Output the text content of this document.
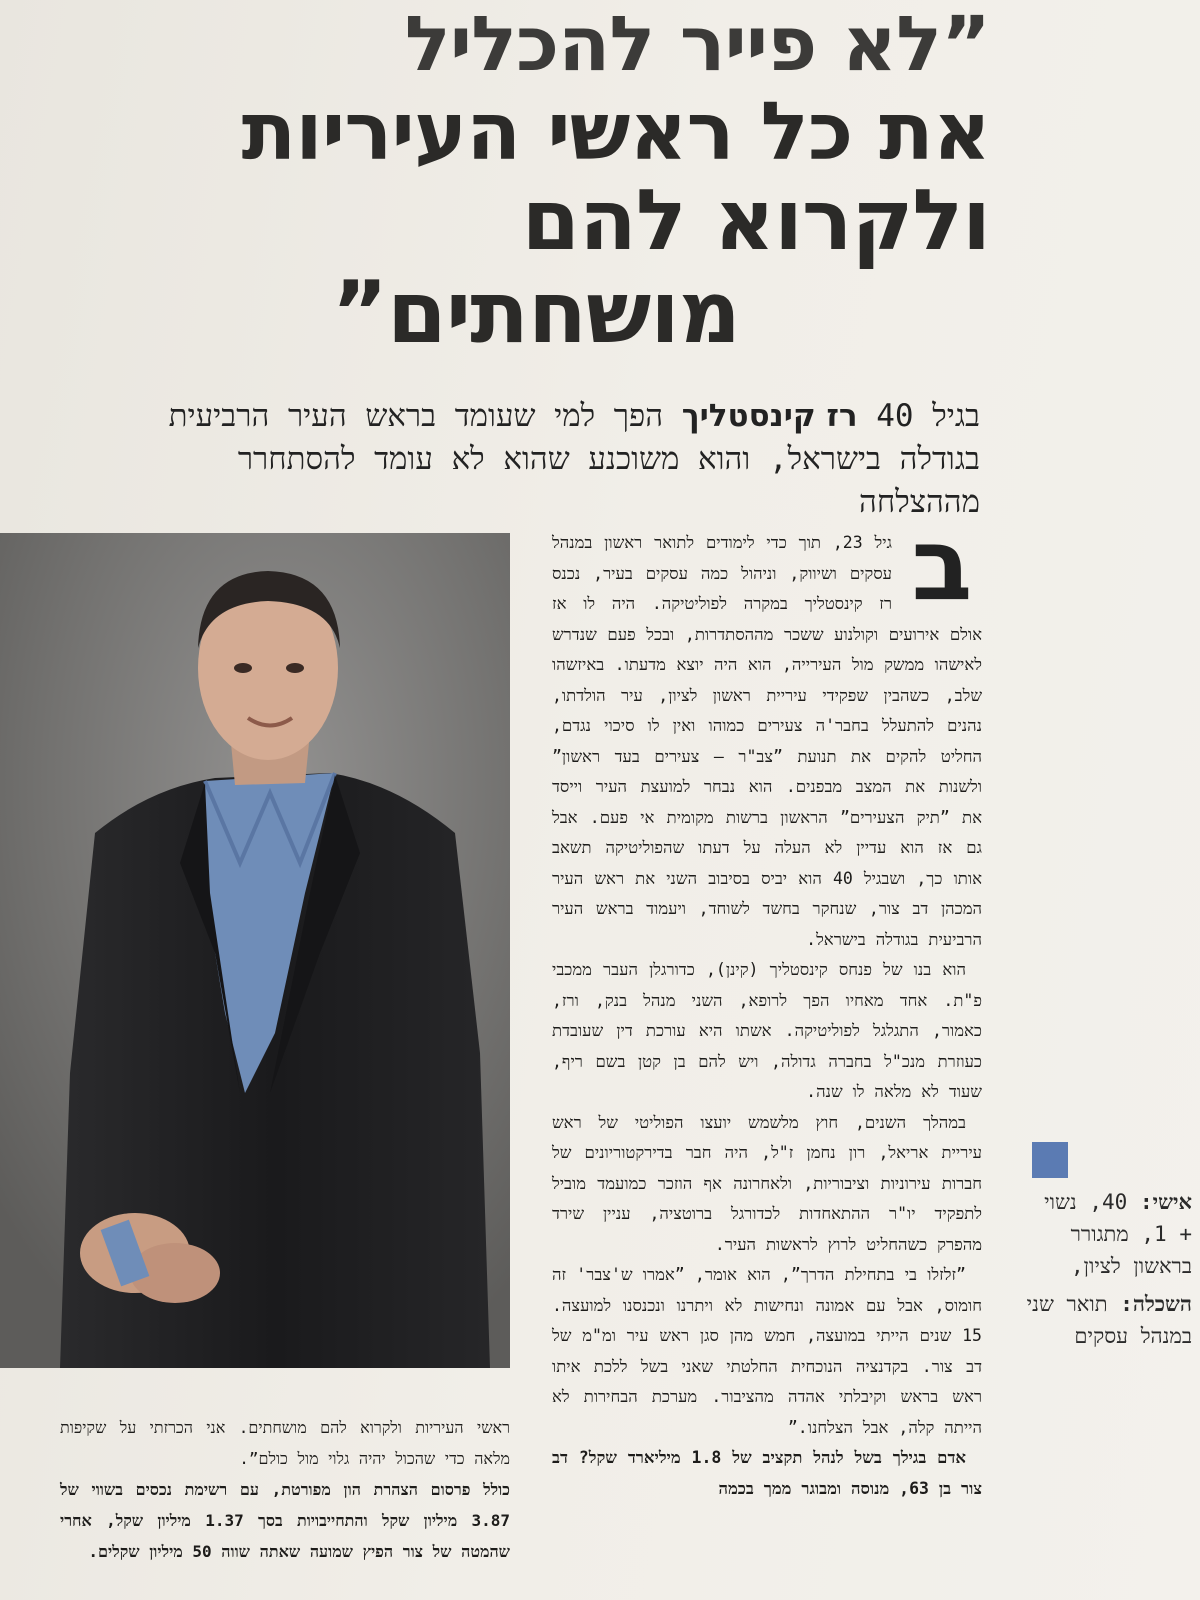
”לא פייר להכליל
את כל ראשי העיריות
ולקרוא להם
מושחתים”
בגיל 40 רז קינסטליך הפך למי שעומד בראש העיר הרביעית בגודלה בישראל, והוא משוכנע שהוא לא עומד להסתחרר מההצלחה
ב

גיל 23, תוך כדי לימודים לתואר ראשון במנהל עסקים ושיווק, וניהול כמה עסקים בעיר, נכנס רז קינסטליך במקרה לפוליטיקה. היה לו אז אולם אירועים וקולנוע ששכר מההסתדרות, ובכל פעם שנדרש לאישהו ממשק מול העירייה, הוא היה יוצא מדעתו. באיזשהו שלב, כשהבין שפקידי עיריית ראשון לציון, עיר הולדתו, נהנים להתעלל בחבר'ה צעירים כמוהו ואין לו סיכוי נגדם, החליט להקים את תנועת ”צב"ר – צעירים בעד ראשון” ולשנות את המצב מבפנים. הוא נבחר למועצת העיר וייסד את ”תיק הצעירים” הראשון ברשות מקומית אי פעם. אבל גם אז הוא עדיין לא העלה על דעתו שהפוליטיקה תשאב אותו כך, ושבגיל 40 הוא יביס בסיבוב השני את ראש העיר המכהן דב צור, שנחקר בחשד לשוחד, ויעמוד בראש העיר הרביעית בגודלה בישראל.

הוא בנו של פנחס קינסטליך (קינן), כדורגלן העבר ממכבי פ"ת. אחד מאחיו הפך לרופא, השני מנהל בנק, ורז, כאמור, התגלגל לפוליטיקה. אשתו היא עורכת דין שעובדת כעוזרת מנכ"ל בחברה גדולה, ויש להם בן קטן בשם ריף, שעוד לא מלאה לו שנה.

במהלך השנים, חוץ מלשמש יועצו הפוליטי של ראש עיריית אריאל, רון נחמן ז"ל, היה חבר בדירקטוריונים של חברות עירוניות וציבוריות, ולאחרונה אף הוזכר כמועמד מוביל לתפקיד יו"ר ההתאחדות לכדורגל ברוטציה, עניין שירד מהפרק כשהחליט לרוץ לראשות העיר.

”זלזלו בי בתחילת הדרך”, הוא אומר, ”אמרו ש'צבר' זה חומוס, אבל עם אמונה ונחישות לא ויתרנו ונכנסנו למועצה. 15 שנים הייתי במועצה, חמש מהן סגן ראש עיר ומ"מ של דב צור. בקדנציה הנוכחית החלטתי שאני בשל ללכת איתו ראש בראש וקיבלתי אהדה מהציבור. מערכת הבחירות לא הייתה קלה, אבל הצלחנו.”

אדם בגילך בשל לנהל תקציב של 1.8 מיליארד שקל? דב צור בן 63, מנוסה ומבוגר ממך בכמה

ראשי העיריות ולקרוא להם מושחתים. אני הכרזתי על שקיפות מלאה כדי שהכול יהיה גלוי מול כולם”.

כולל פרסום הצהרת הון מפורטת, עם רשימת נכסים בשווי של 3.87 מיליון שקל והתחייבויות בסך 1.37 מיליון שקל, אחרי שהמטה של צור הפיץ שמועה שאתה שווה 50 מיליון שקלים.

אישי: 40, נשוי + 1, מתגורר בראשון לציון,

השכלה: תואר שני במנהל עסקים
